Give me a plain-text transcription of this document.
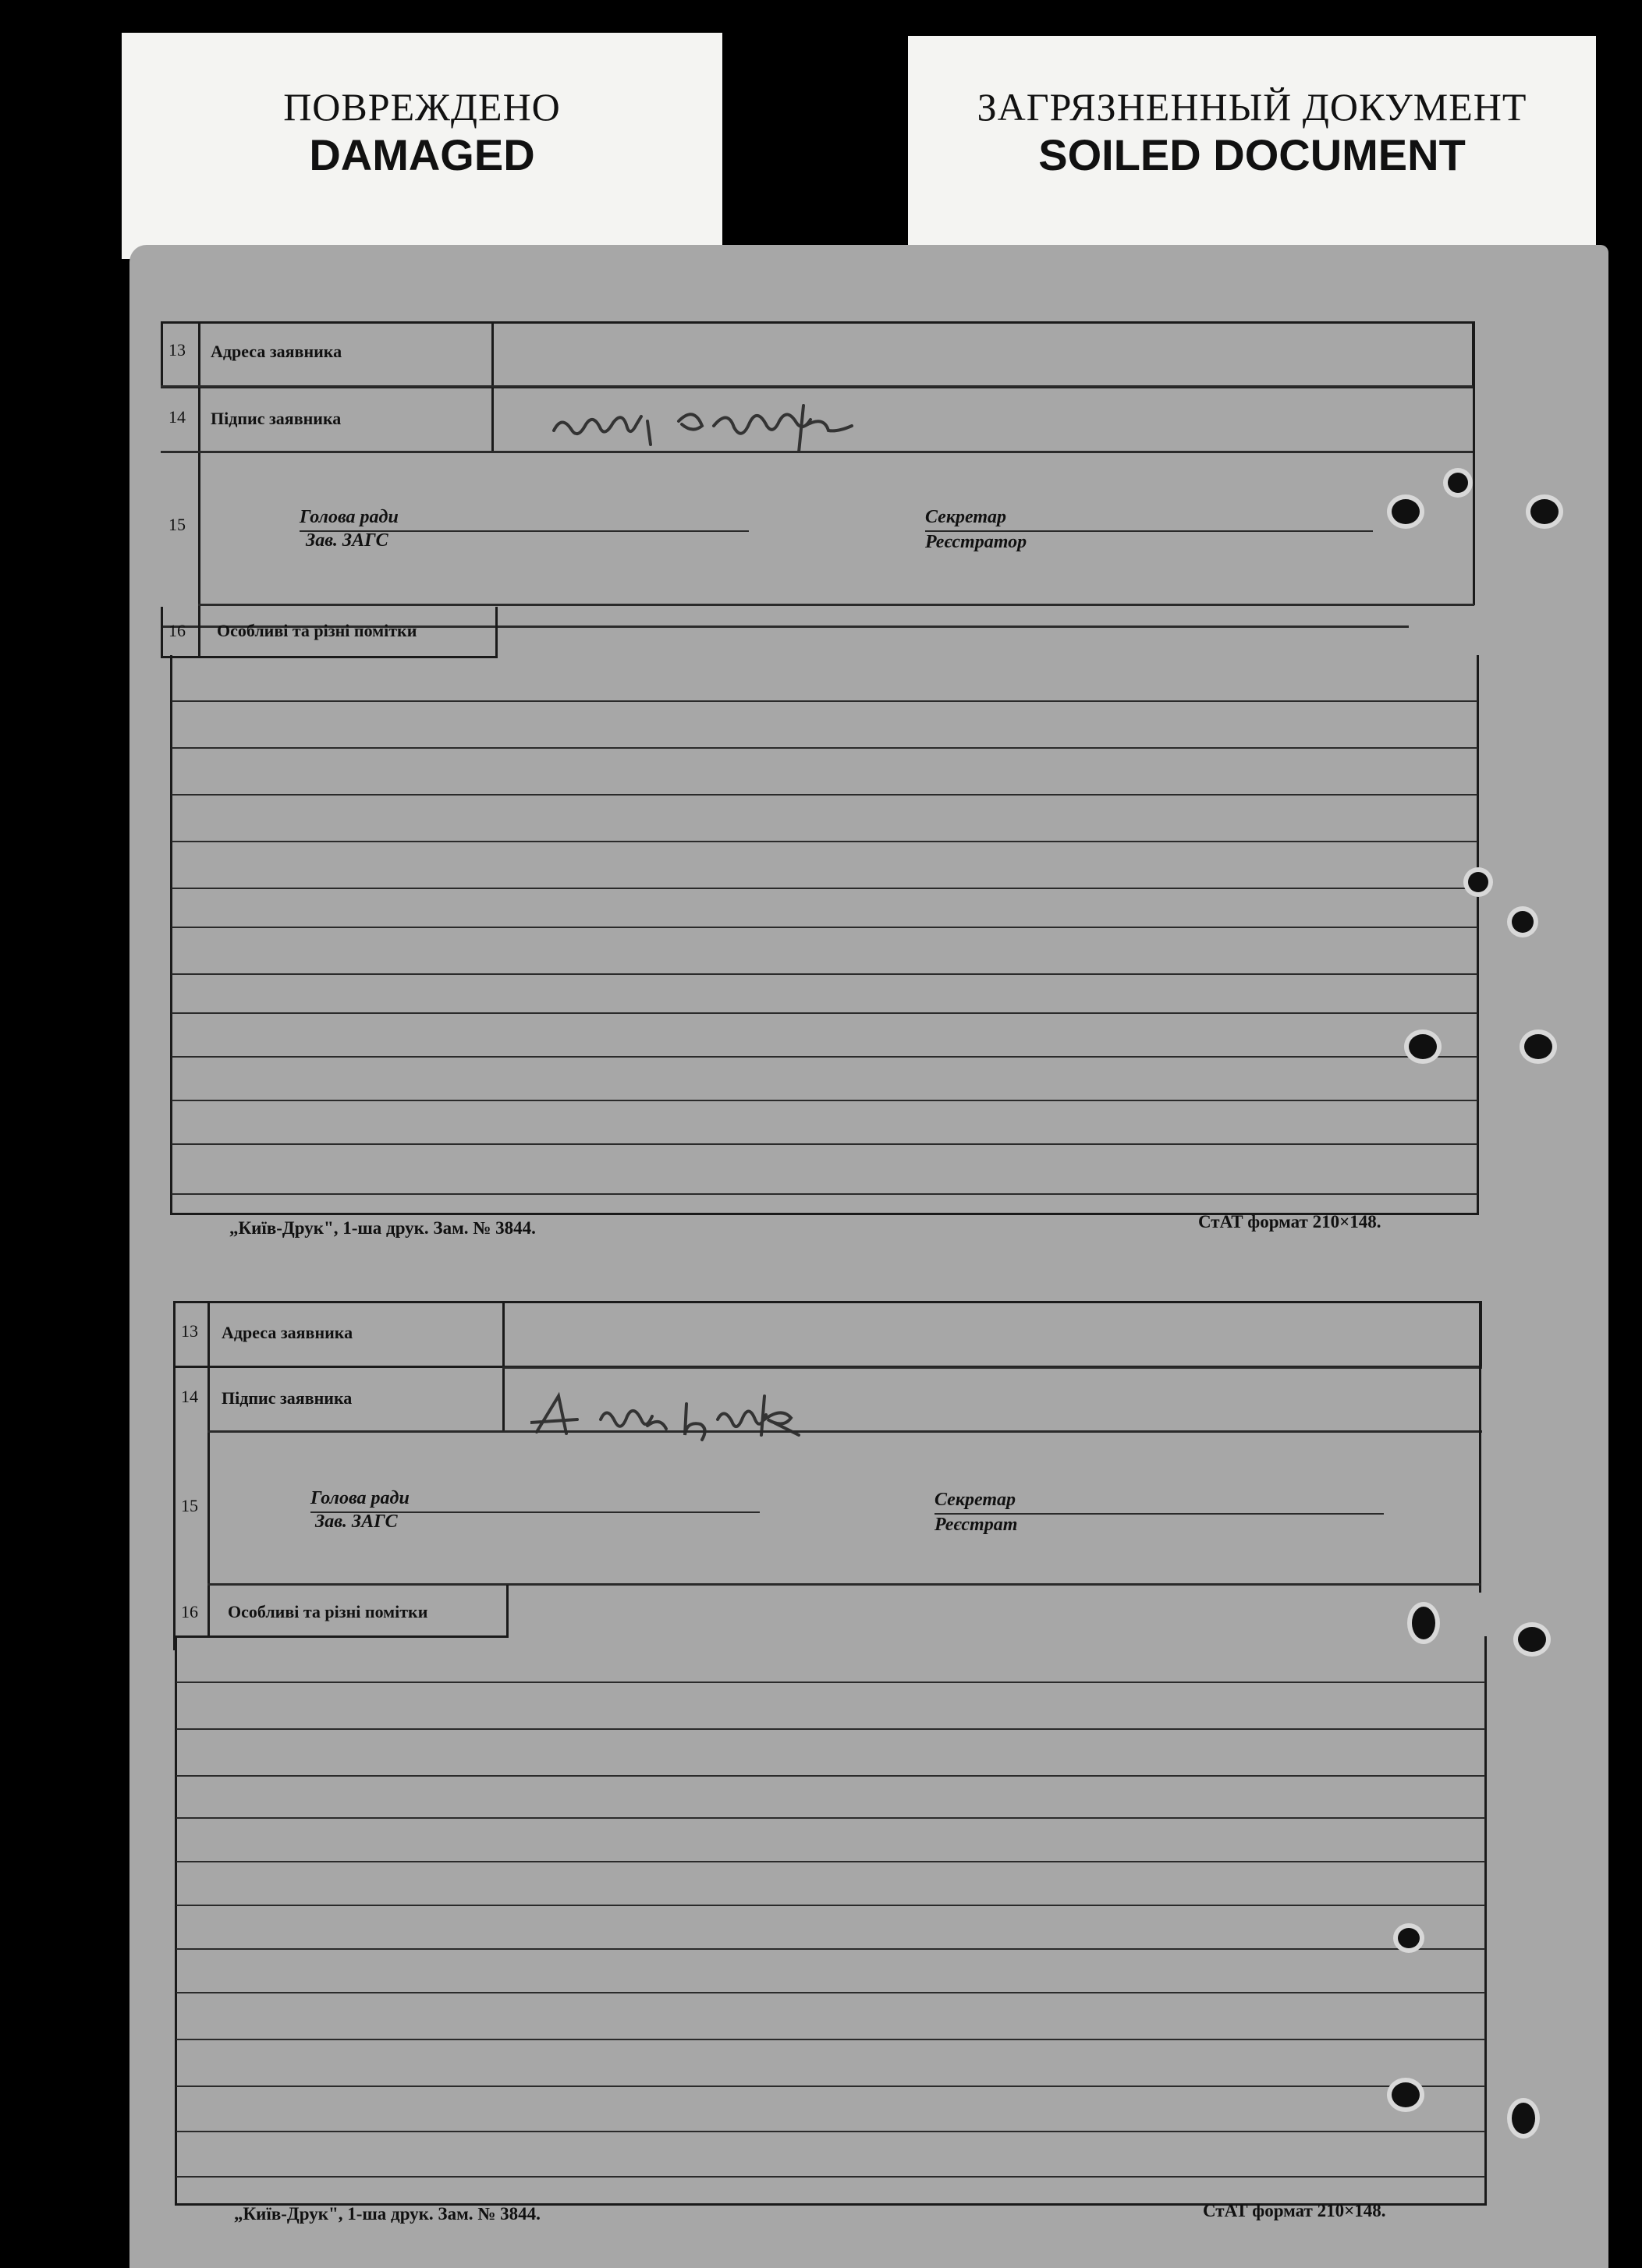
ПОВРЕЖДЕНО
DAMAGED
ЗАГРЯЗНЕННЫЙ ДОКУМЕНТ
SOILED DOCUMENT
13 Адреса заявника
14 Підпис заявника
15	Голова ради
Зав. ЗАГС
Секретар
Реєстратор
16 Особливі та різні помітки
„Київ-Друк", 1-ша друк. Зам. № 3844.	СтАТ формат 210×148.
13 Адреса заявника
14 Підпис заявника
15	Голова ради
Зав. ЗАГС
Секретар
Реєстрат
16 Особливі та різні помітки
„Київ-Друк", 1-ша друк. Зам. № 3844.	СтАТ формат 210×148.
